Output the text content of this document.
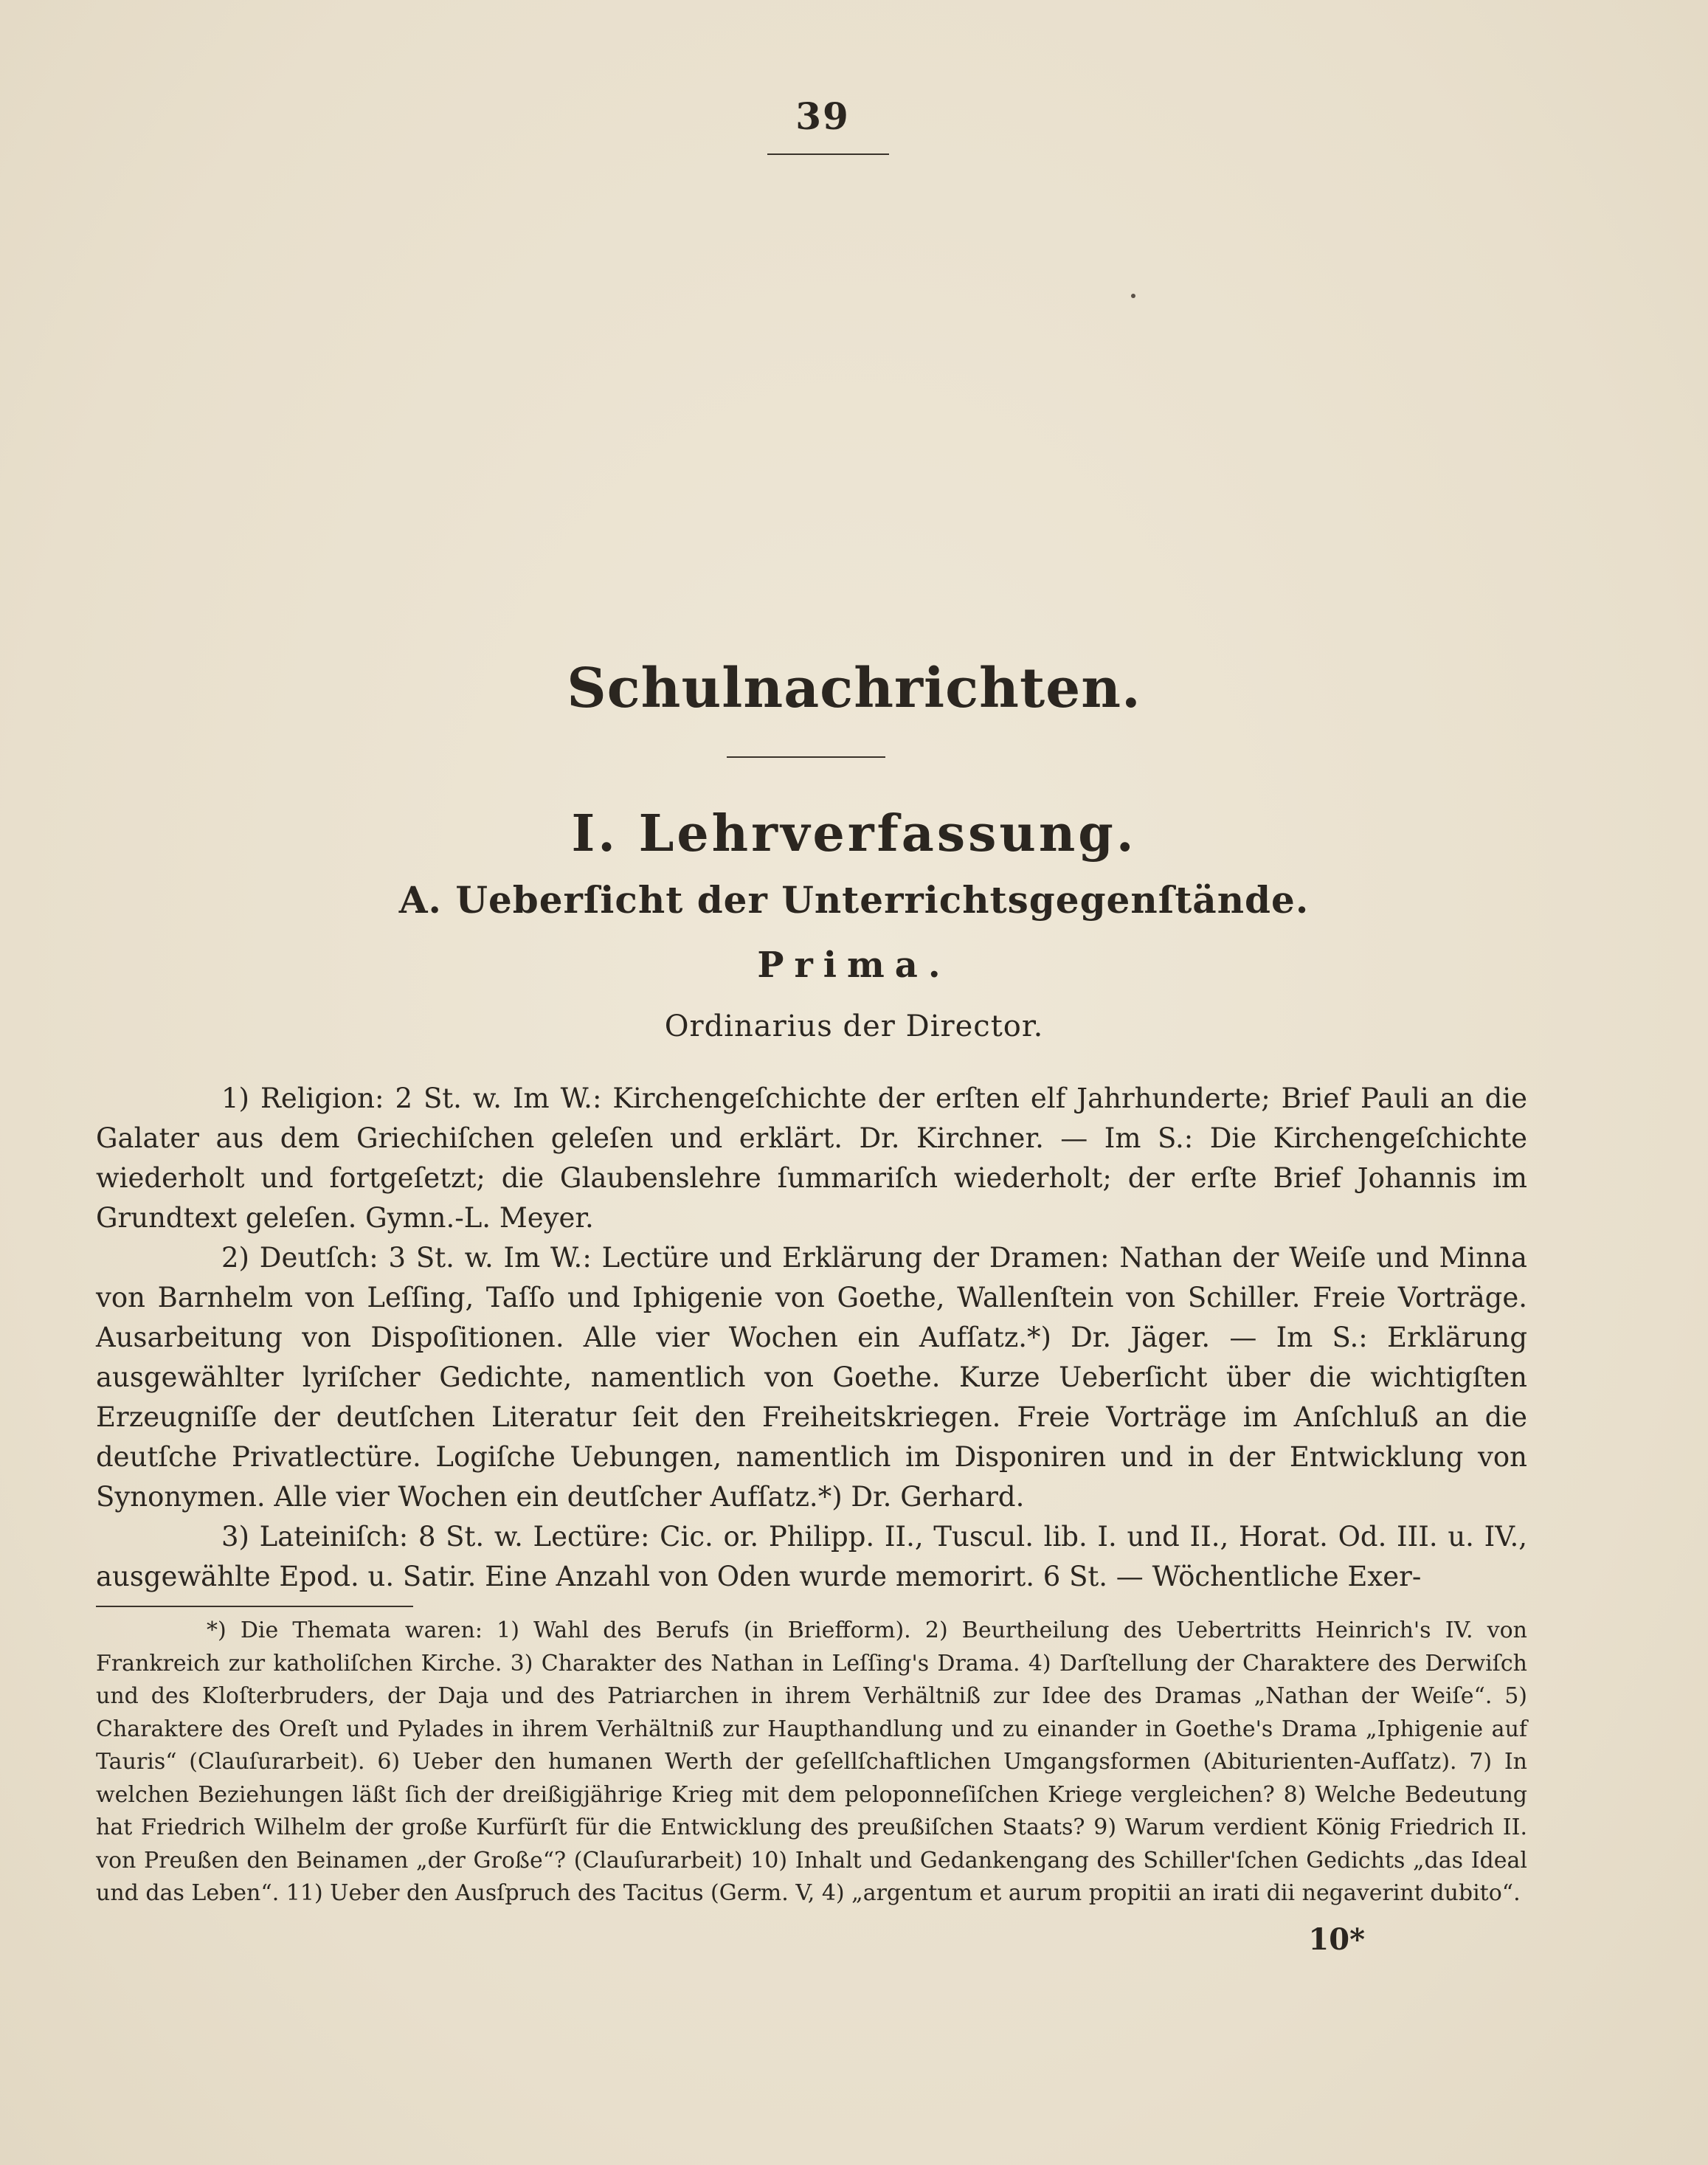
39
Schulnachrichten.
I. Lehrverfassung.
A. Ueberſicht der Unterrichtsgegenſtände.
Prima.
Ordinarius der Director.
1) Religion: 2 St. w. Im W.: Kirchengeſchichte der erſten elf Jahrhunderte; Brief Pauli an die Galater aus dem Griechiſchen geleſen und erklärt. Dr. Kirchner. — Im S.: Die Kirchengeſchichte wiederholt und fortgeſetzt; die Glaubenslehre ſummariſch wiederholt; der erſte Brief Johannis im Grundtext geleſen. Gymn.-L. Meyer.
2) Deutſch: 3 St. w. Im W.: Lectüre und Erklärung der Dramen: Nathan der Weiſe und Minna von Barnhelm von Leſſing, Taſſo und Iphigenie von Goethe, Wallenſtein von Schiller. Freie Vorträge. Ausarbeitung von Dispoſitionen. Alle vier Wochen ein Aufſatz.*) Dr. Jäger. — Im S.: Erklärung ausgewählter lyriſcher Gedichte, namentlich von Goethe. Kurze Ueberſicht über die wichtigſten Erzeugniſſe der deutſchen Literatur ſeit den Freiheitskriegen. Freie Vorträge im Anſchluß an die deutſche Privatlectüre. Logiſche Uebungen, namentlich im Disponiren und in der Entwicklung von Synonymen. Alle vier Wochen ein deutſcher Aufſatz.*) Dr. Gerhard.
3) Lateiniſch: 8 St. w. Lectüre: Cic. or. Philipp. II., Tuscul. lib. I. und II., Horat. Od. III. u. IV., ausgewählte Epod. u. Satir. Eine Anzahl von Oden wurde memorirt. 6 St. — Wöchentliche Exer-
*) Die Themata waren: 1) Wahl des Berufs (in Briefform). 2) Beurtheilung des Uebertritts Heinrich's IV. von Frankreich zur katholiſchen Kirche. 3) Charakter des Nathan in Leſſing's Drama. 4) Darſtellung der Charaktere des Derwiſch und des Kloſterbruders, der Daja und des Patriarchen in ihrem Verhältniß zur Idee des Dramas „Nathan der Weiſe“. 5) Charaktere des Oreſt und Pylades in ihrem Verhältniß zur Haupthandlung und zu einander in Goethe's Drama „Iphigenie auf Tauris“ (Clauſurarbeit). 6) Ueber den humanen Werth der geſellſchaftlichen Umgangsformen (Abiturienten-Aufſatz). 7) In welchen Beziehungen läßt ſich der dreißigjährige Krieg mit dem peloponneſiſchen Kriege vergleichen? 8) Welche Bedeutung hat Friedrich Wilhelm der große Kurfürſt für die Entwicklung des preußiſchen Staats? 9) Warum verdient König Friedrich II. von Preußen den Beinamen „der Große“? (Clauſurarbeit) 10) Inhalt und Gedankengang des Schiller'ſchen Gedichts „das Ideal und das Leben“. 11) Ueber den Ausſpruch des Tacitus (Germ. V, 4) „argentum et aurum propitii an irati dii negaverint dubito“.
10*
